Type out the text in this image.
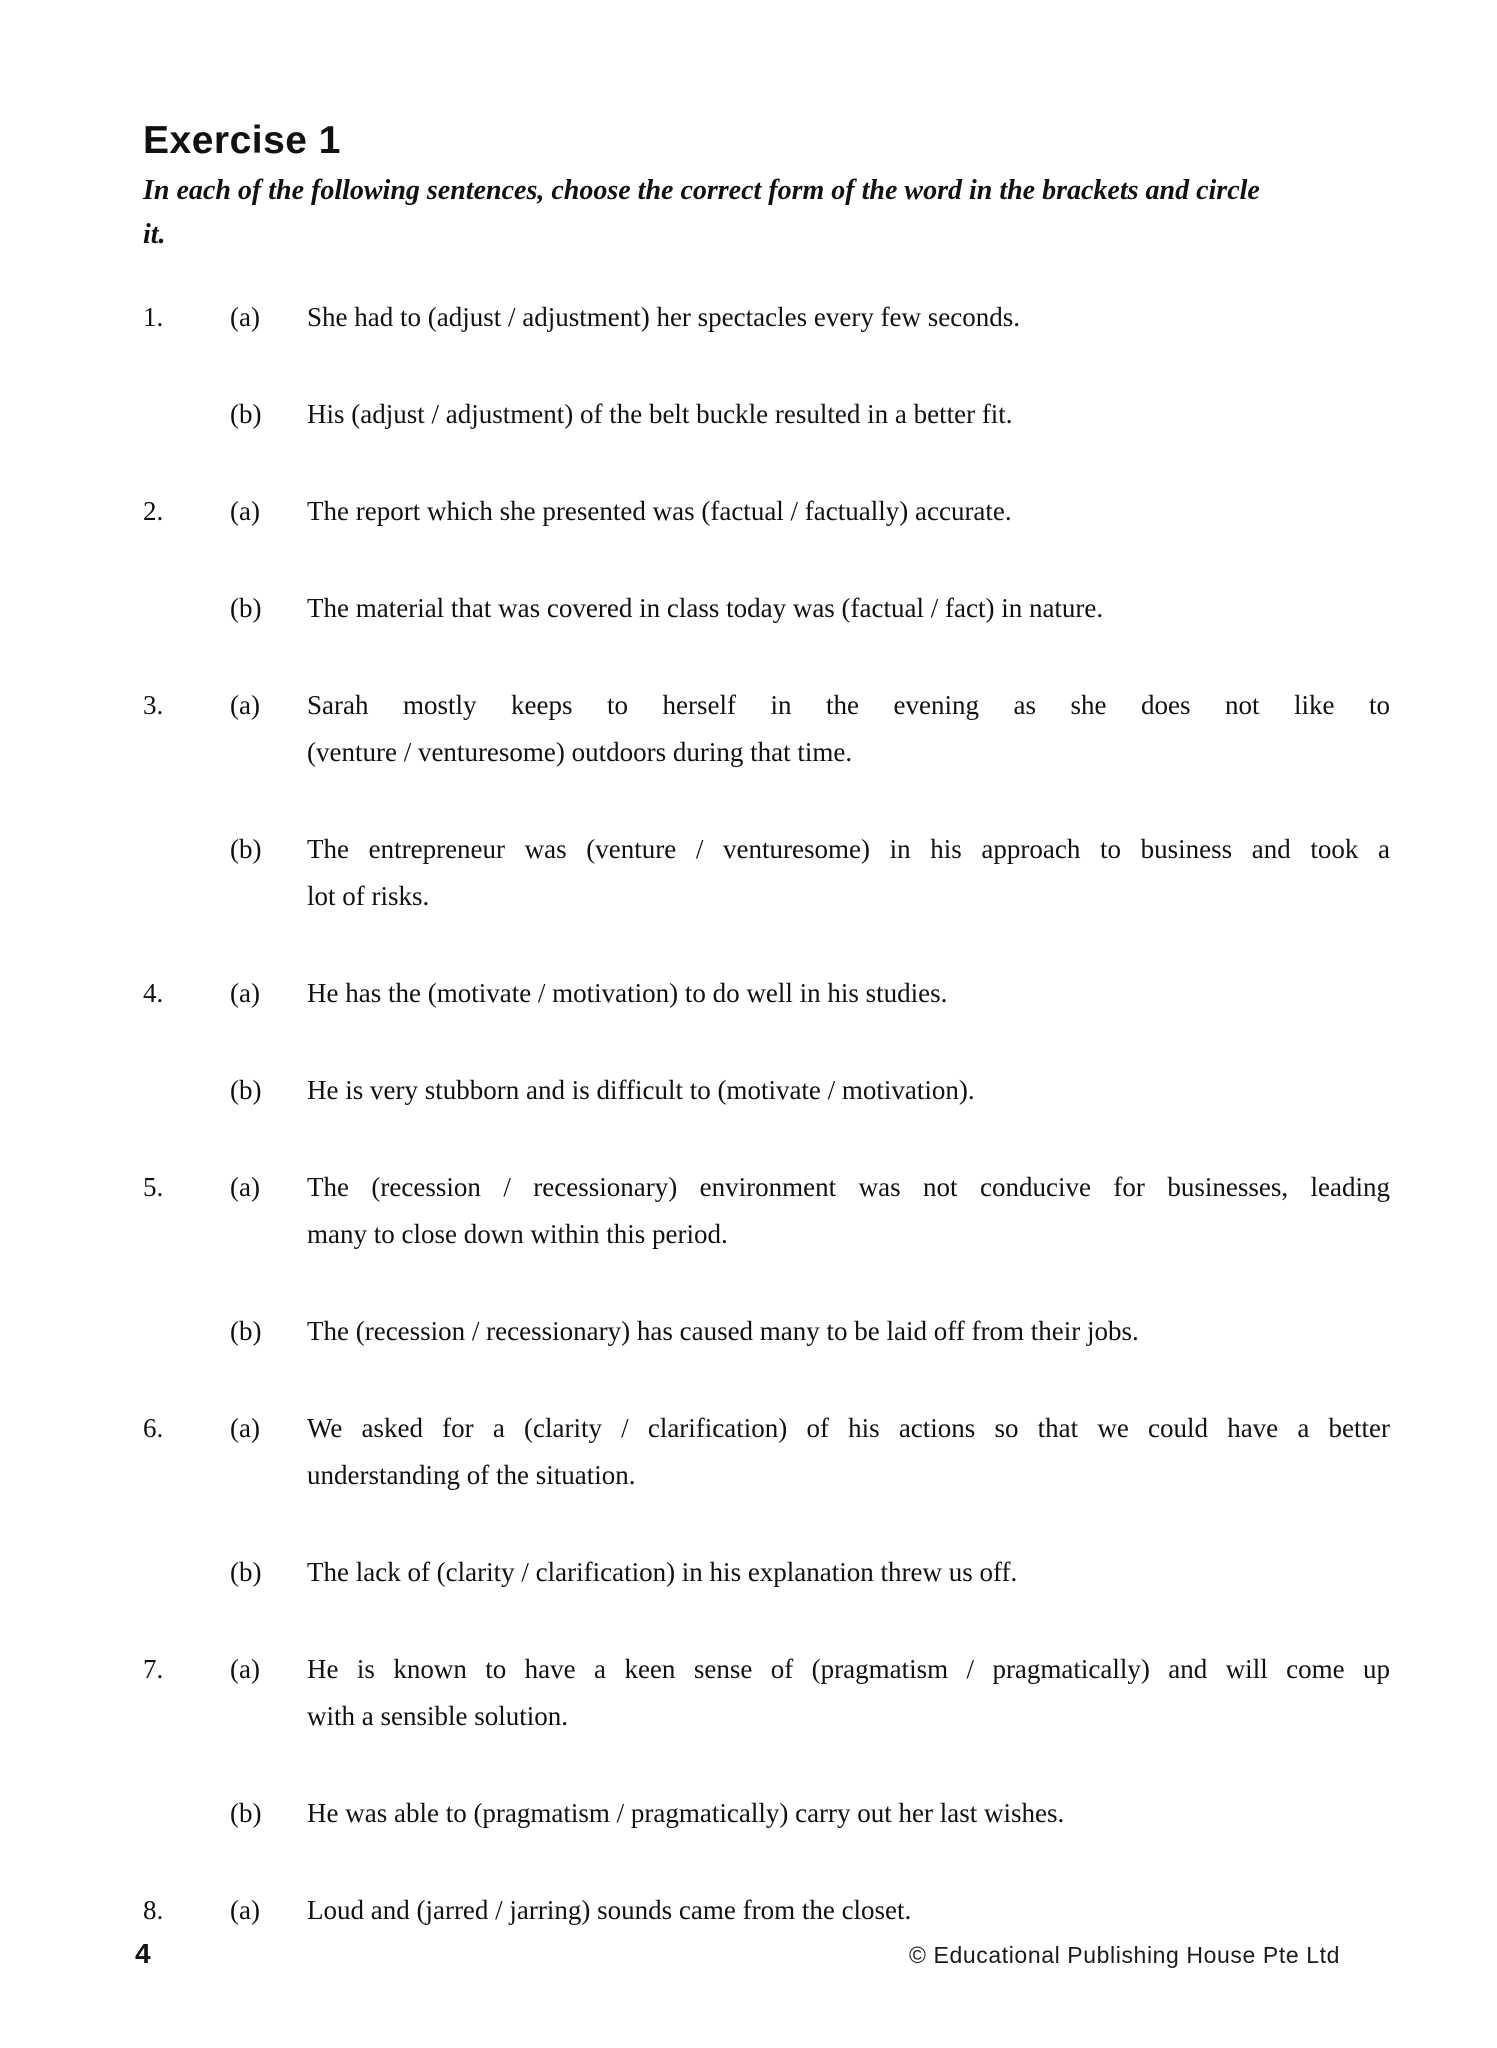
Exercise 1
In each of the following sentences, choose the correct form of the word in the brackets and circle
it.
1.	(a)	She had to (adjust / adjustment) her spectacles every few seconds.
(b)	His (adjust / adjustment) of the belt buckle resulted in a better fit.
2.	(a)	The report which she presented was (factual / factually) accurate.
(b)	The material that was covered in class today was (factual / fact) in nature.
3.	(a)	Sarah mostly keeps to herself in the evening as she does not like to
(venture / venturesome) outdoors during that time.
(b)	The entrepreneur was (venture / venturesome) in his approach to business and took a
lot of risks.
4.	(a)	He has the (motivate / motivation) to do well in his studies.
(b)	He is very stubborn and is difficult to (motivate / motivation).
5.	(a)	The (recession / recessionary) environment was not conducive for businesses, leading
many to close down within this period.
(b)	The (recession / recessionary) has caused many to be laid off from their jobs.
6.	(a)	We asked for a (clarity / clarification) of his actions so that we could have a better
understanding of the situation.
(b)	The lack of (clarity / clarification) in his explanation threw us off.
7.	(a)	He is known to have a keen sense of (pragmatism / pragmatically) and will come up
with a sensible solution.
(b)	He was able to (pragmatism / pragmatically) carry out her last wishes.
8.	(a)	Loud and (jarred / jarring) sounds came from the closet.
4	© Educational Publishing House Pte Ltd
